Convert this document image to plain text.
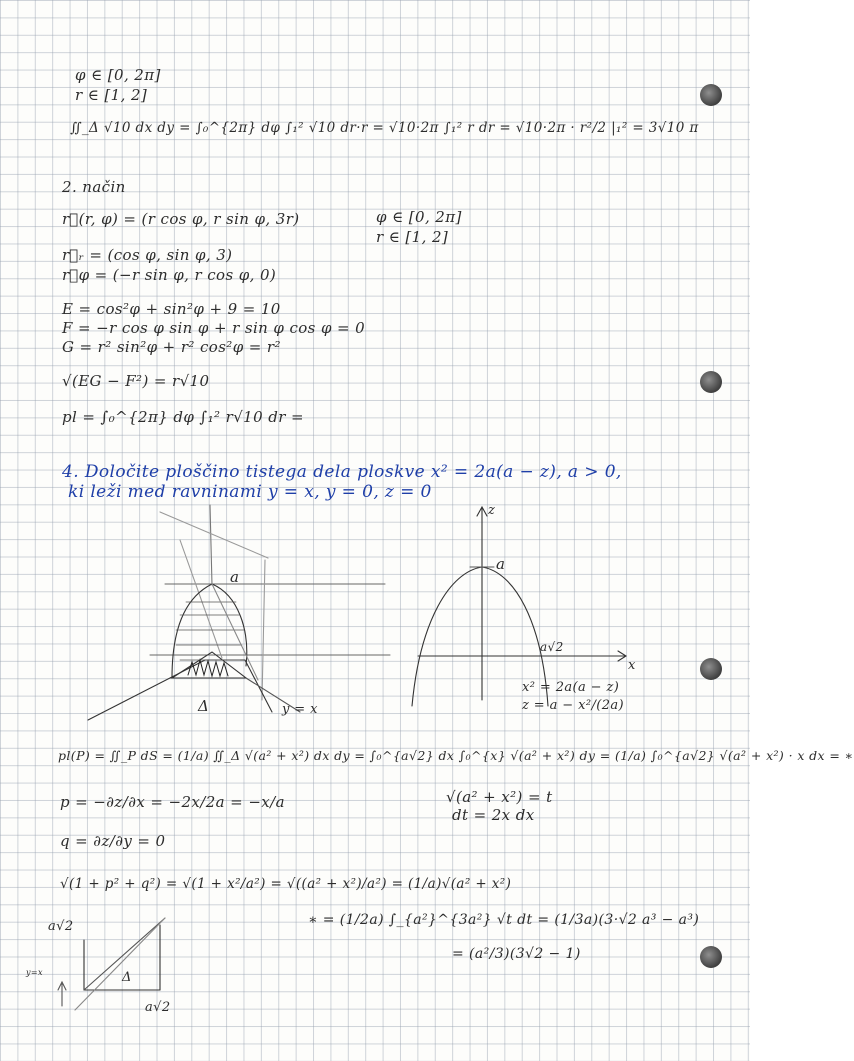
φ ∈ [0, 2π]
r ∈ [1, 2]
∬_Δ √10 dx dy = ∫₀^{2π} dφ ∫₁² √10 dr·r = √10·2π ∫₁² r dr = √10·2π · r²/2 |₁² = 3√10 π
2. način
r⃗(r, φ) = (r cos φ, r sin φ, 3r)	φ ∈ [0, 2π]
r ∈ [1, 2]
r⃗ᵣ = (cos φ, sin φ, 3)
r⃗φ = (−r sin φ, r cos φ, 0)
E = cos²φ + sin²φ + 9 = 10
F = −r cos φ sin φ + r sin φ cos φ = 0
G = r² sin²φ + r² cos²φ = r²
√(EG − F²) = r√10
pl = ∫₀^{2π} dφ ∫₁² r√10 dr =
4. Določite ploščino tistega dela ploskve x² = 2a(a − z), a > 0,
ki leži med ravninami y = x, y = 0, z = 0
a
Δ	y = x
z
a
a√2
x
x² = 2a(a − z)
z = a − x²/(2a)
pl(P) = ∬_P dS = (1/a) ∬_Δ √(a² + x²) dx dy = ∫₀^{a√2} dx ∫₀^{x} √(a² + x²) dy = (1/a) ∫₀^{a√2} √(a² + x²) · x dx = ∗
p = −∂z/∂x = −2x/2a = −x/a	√(a² + x²) = t
dt = 2x dx
q = ∂z/∂y = 0
√(1 + p² + q²) = √(1 + x²/a²) = √((a² + x²)/a²) = (1/a)√(a² + x²)
∗ = (1/2a) ∫_{a²}^{3a²} √t dt = (1/3a)(3·√2 a³ − a³)
= (a²/3)(3√2 − 1)
a√2
a√2
Δ
y=x
